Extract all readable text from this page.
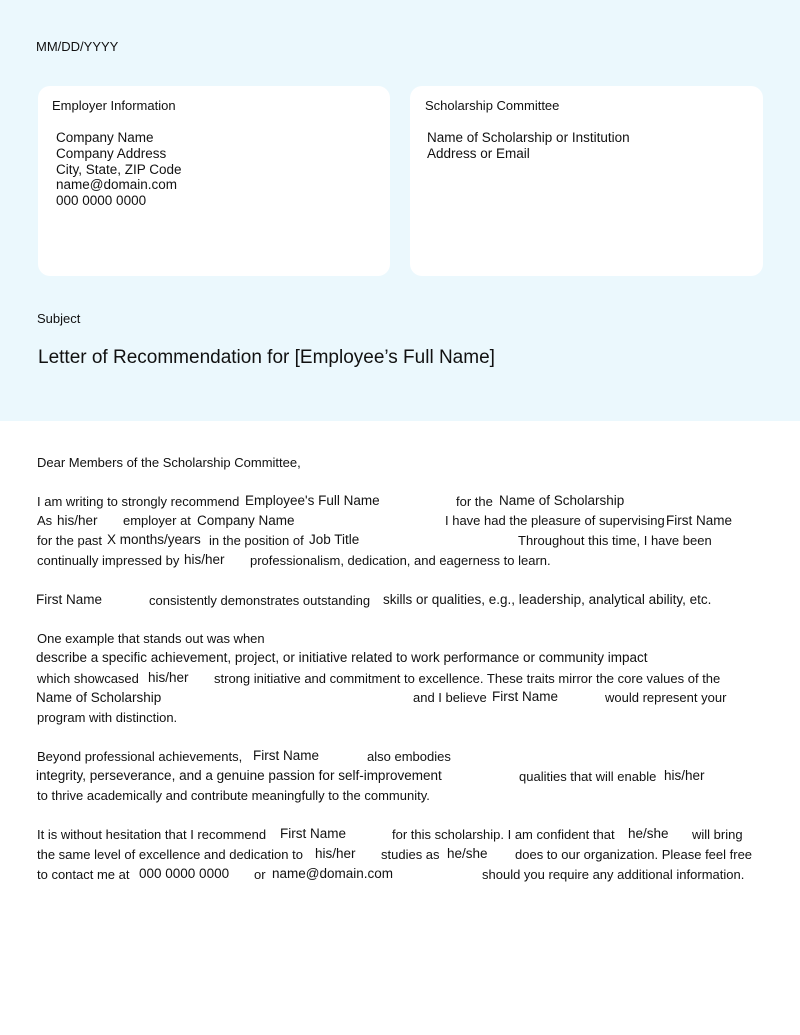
MM/DD/YYYY
Employer Information
Company Name
Company Address
City, State, ZIP Code
name@domain.com
000 0000 0000
Scholarship Committee
Name of Scholarship or Institution
Address or Email
Subject
Letter of Recommendation for [Employee’s Full Name]
Dear Members of the Scholarship Committee,
I am writing to strongly recommend Employee's Full Name	for the Name of Scholarship
As his/her employer at Company Name	I have had the pleasure of supervising First Name
for the past X months/years in the position of Job Title	Throughout this time, I have been
continually impressed by his/her professionalism, dedication, and eagerness to learn.
First Name	consistently demonstrates outstanding skills or qualities, e.g., leadership, analytical ability, etc.
One example that stands out was when
describe a specific achievement, project, or initiative related to work performance or community impact
which showcased his/her strong initiative and commitment to excellence. These traits mirror the core values of the
Name of Scholarship	and I believe First Name	would represent your
program with distinction.
Beyond professional achievements, First Name	also embodies
integrity, perseverance, and a genuine passion for self-improvement	qualities that will enable his/her
to thrive academically and contribute meaningfully to the community.
It is without hesitation that I recommend First Name	for this scholarship. I am confident that he/she will bring
the same level of excellence and dedication to his/her studies as he/she does to our organization. Please feel free
to contact me at 000 0000 0000 or name@domain.com	should you require any additional information.
